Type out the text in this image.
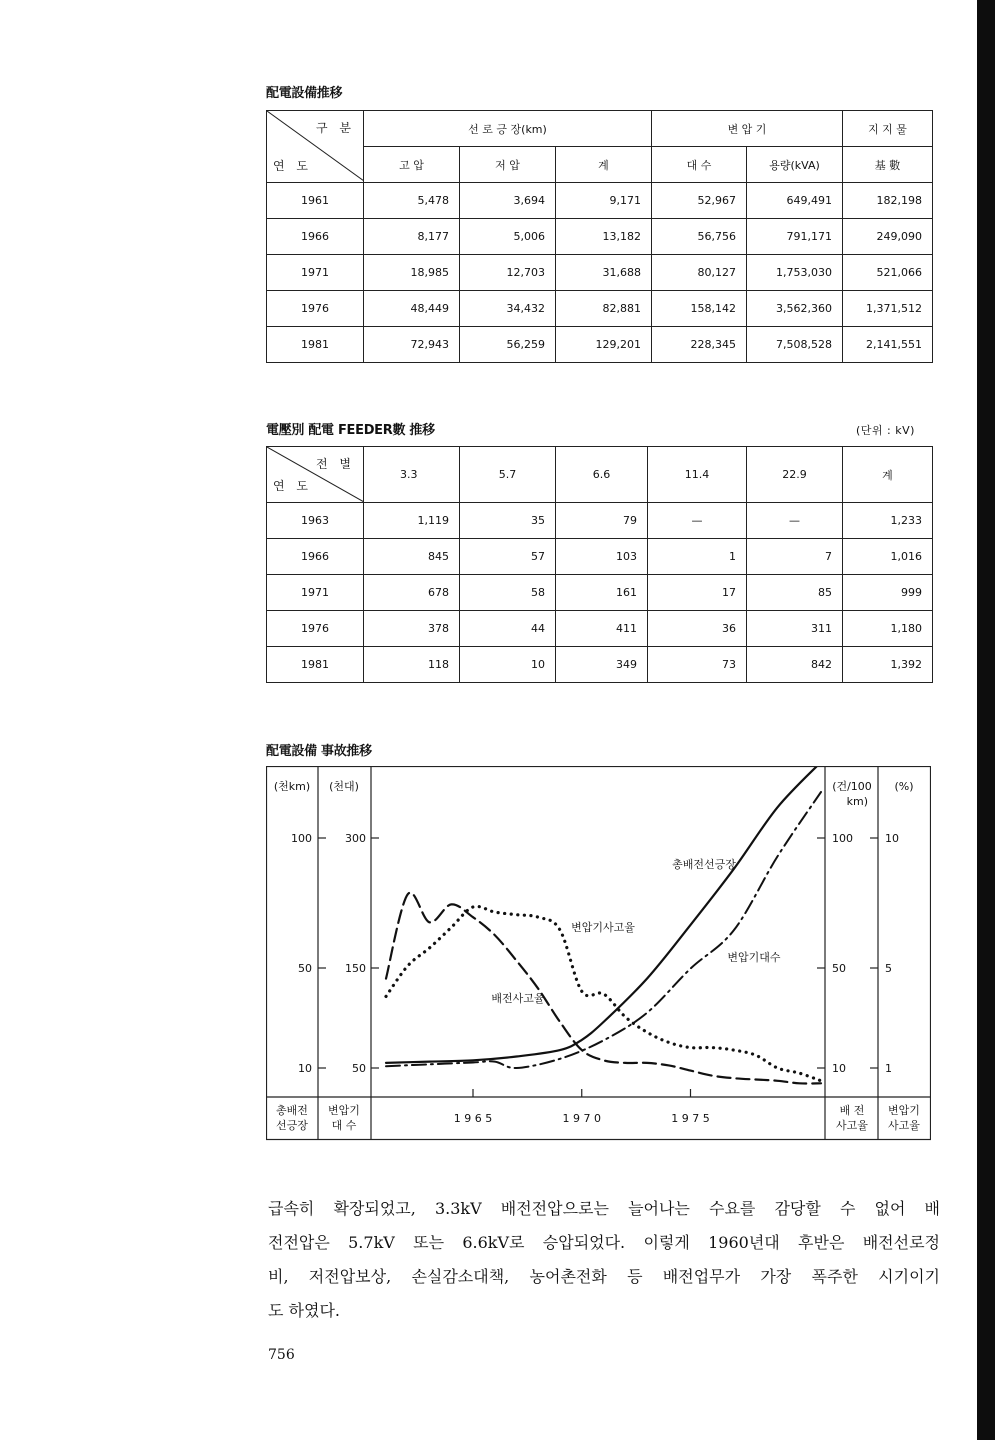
配電設備推移
구 분
연 도	선 로 긍 장(km)			변 압 기		지 지 물
	고 압	저 압	계	대 수	용량(kVA)	基 數
1961	5,478	3,694	9,171	52,967	649,491	182,198
1966	8,177	5,006	13,182	56,756	791,171	249,090
1971	18,985	12,703	31,688	80,127	1,753,030	521,066
1976	48,449	34,432	82,881	158,142	3,562,360	1,371,512
1981	72,943	56,259	129,201	228,345	7,508,528	2,141,551
電壓別 配電 FEEDER數 推移	(단위 : kV)
전 별
연 도	3.3	5.7	6.6	11.4	22.9	계
1963	1,119	35	79	—	—	1,233
1966	845	57	103	1	7	1,016
1971	678	58	161	17	85	999
1976	378	44	411	36	311	1,180
1981	118	10	349	73	842	1,392
配電設備 事故推移
(천km) (천대)	(건/100
km)
(%)
100	300	100	10
50	150	50	5
10	50	10	1
총배전
선긍장
변압기
대 수
배 전
사고율
변압기
사고율
1 9 6 5	1 9 7 0	1 9 7 5
총배전선긍장
변압기사고율
변압기대수
배전사고율
급속히 확장되었고, 3.3kV 배전전압으로는 늘어나는 수요를 감당할 수 없어 배
전전압은 5.7kV 또는 6.6kV로 승압되었다. 이렇게 1960년대 후반은 배전선로정
비, 저전압보상, 손실감소대책, 농어촌전화 등 배전업무가 가장 폭주한 시기이기
도 하였다.
756
